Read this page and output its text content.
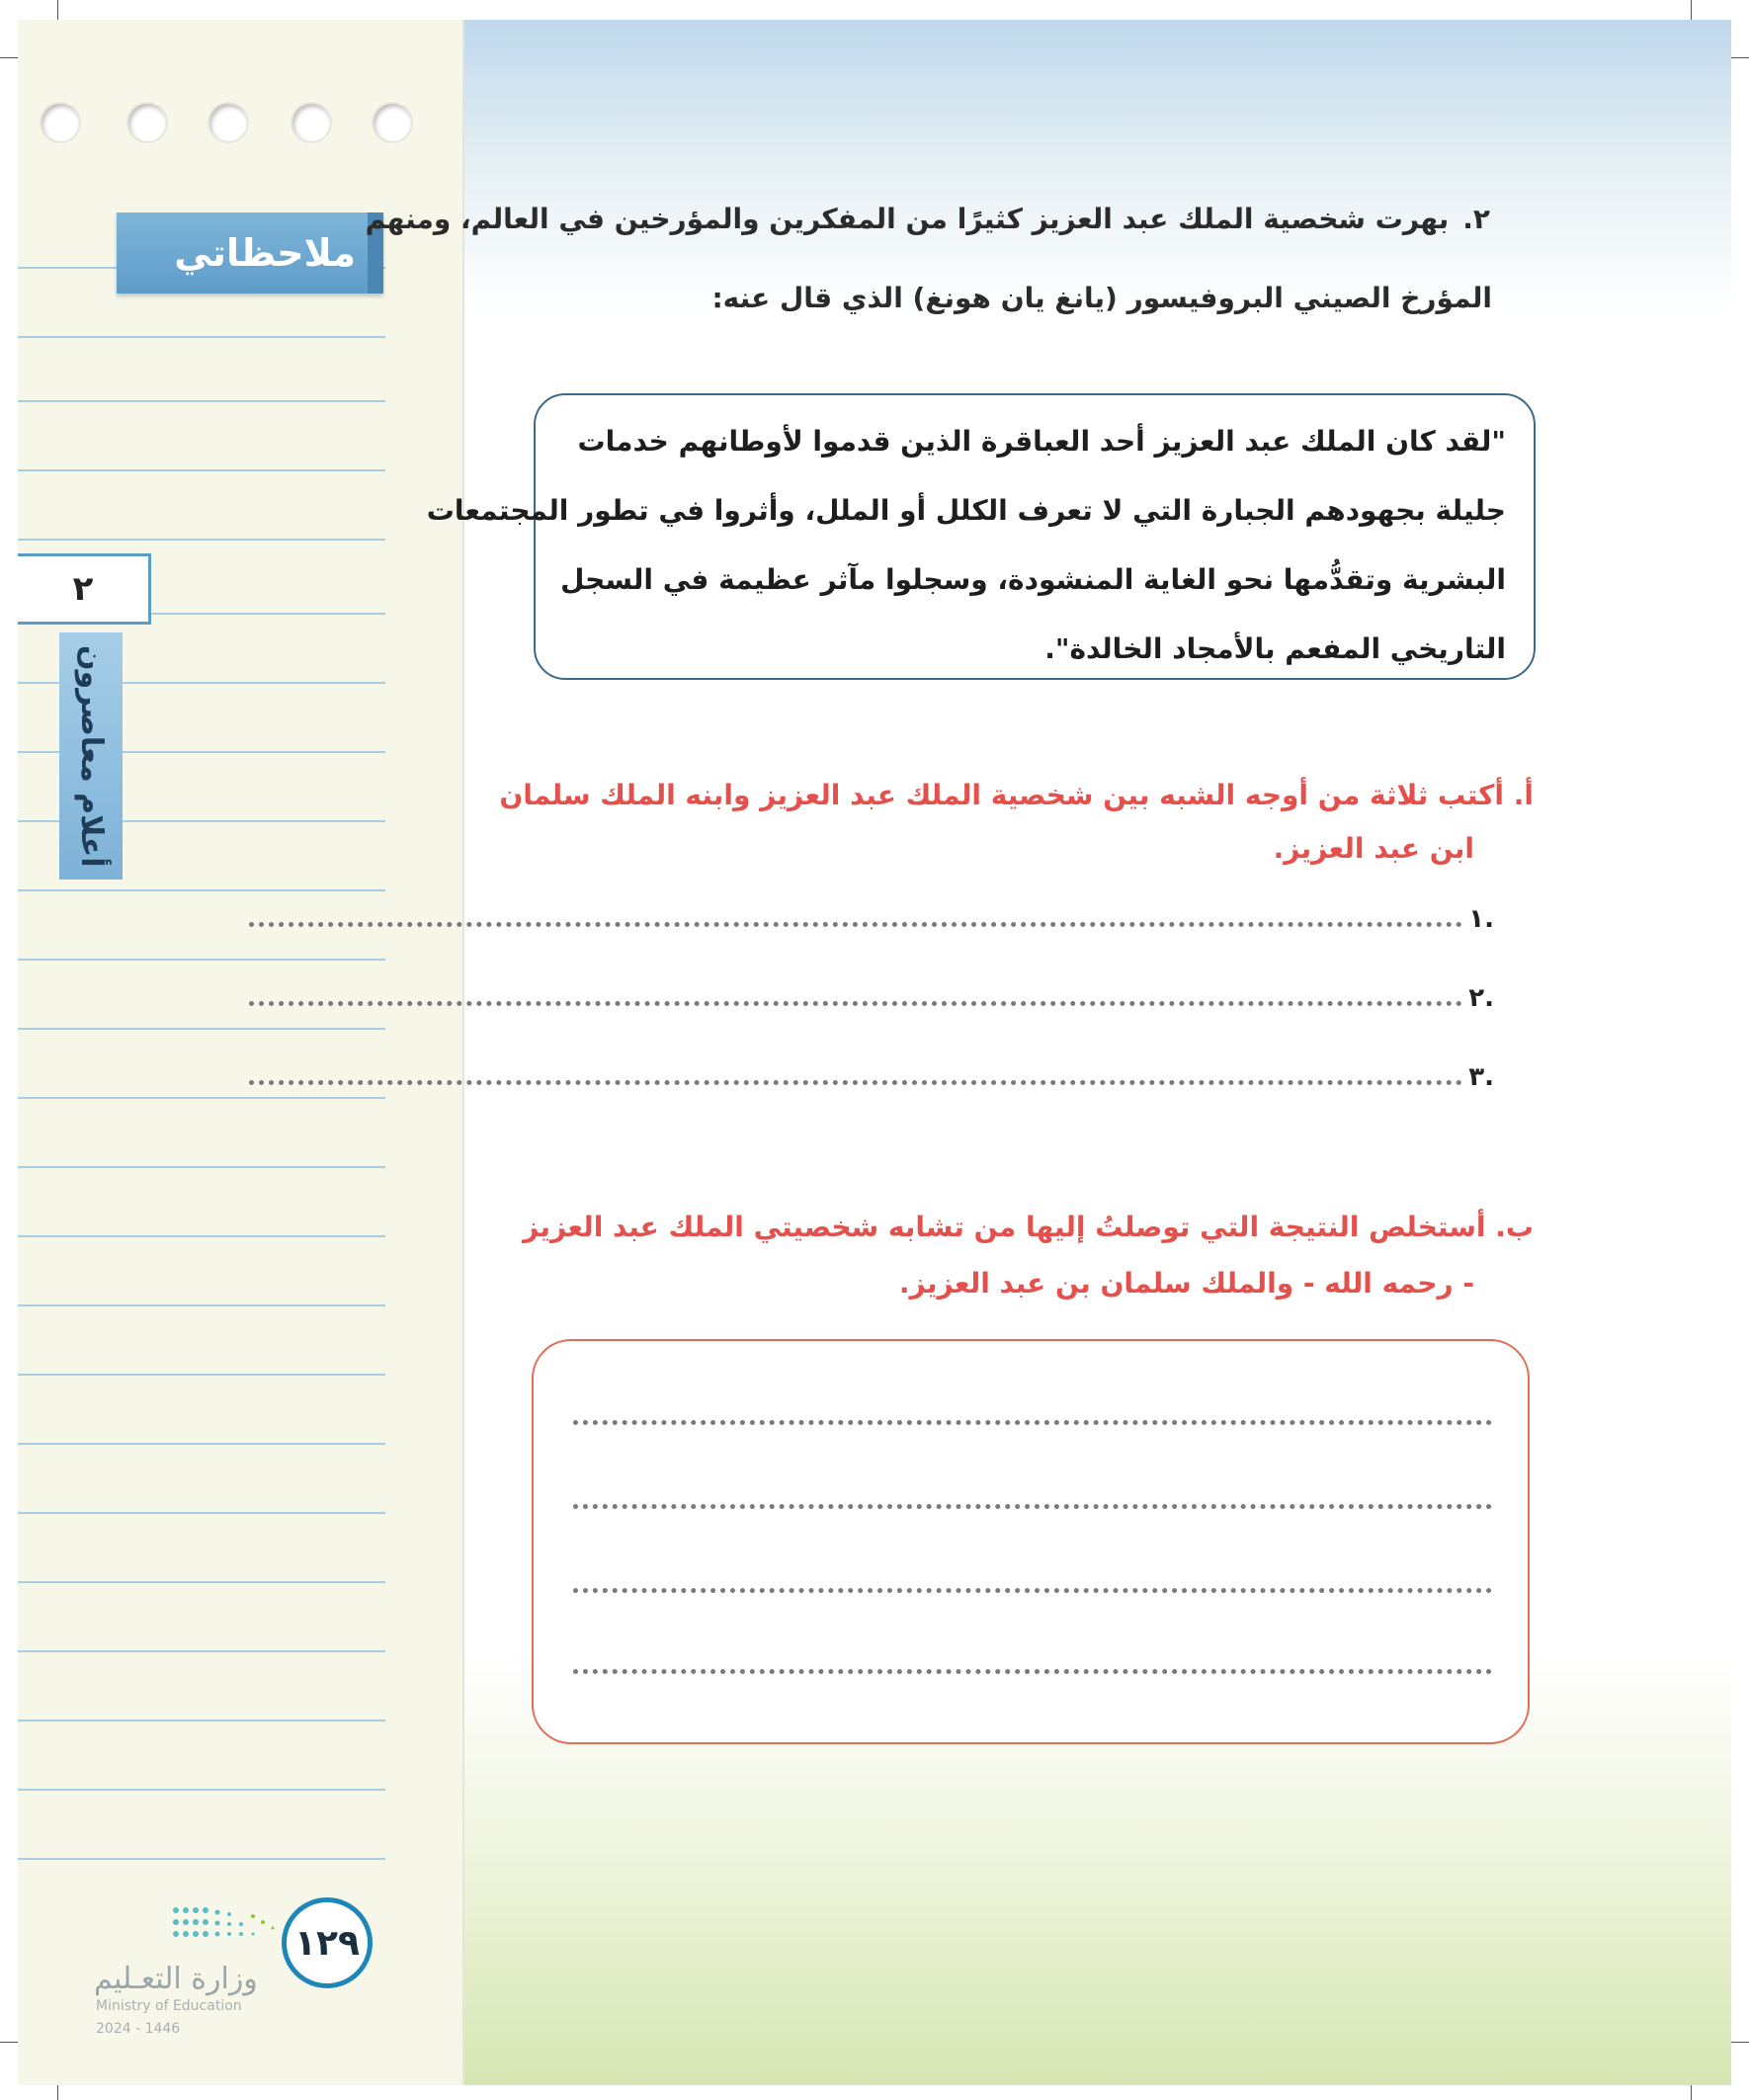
ملاحظاتي
٢
أعلام معاصرون
١٢٩
وزارة التعـليم
Ministry of Education
2024 - 1446
٢.بهرت شخصية الملك عبد العزيز كثيرًا من المفكرين والمؤرخين في العالم، ومنهم
المؤرخ الصيني البروفيسور (يانغ يان هونغ) الذي قال عنه:
"لقد كان الملك عبد العزيز أحد العباقرة الذين قدموا لأوطانهم خدمات
جليلة بجهودهم الجبارة التي لا تعرف الكلل أو الملل، وأثروا في تطور المجتمعات
البشرية وتقدُّمها نحو الغاية المنشودة، وسجلوا مآثر عظيمة في السجل
التاريخي المفعم بالأمجاد الخالدة".
أ. أكتب ثلاثة من أوجه الشبه بين شخصية الملك عبد العزيز وابنه الملك سلمان
ابن عبد العزيز.
١.
٢.
٣.
ب. أستخلص النتيجة التي توصلتُ إليها من تشابه شخصيتي الملك عبد العزيز
- رحمه الله - والملك سلمان بن عبد العزيز.
